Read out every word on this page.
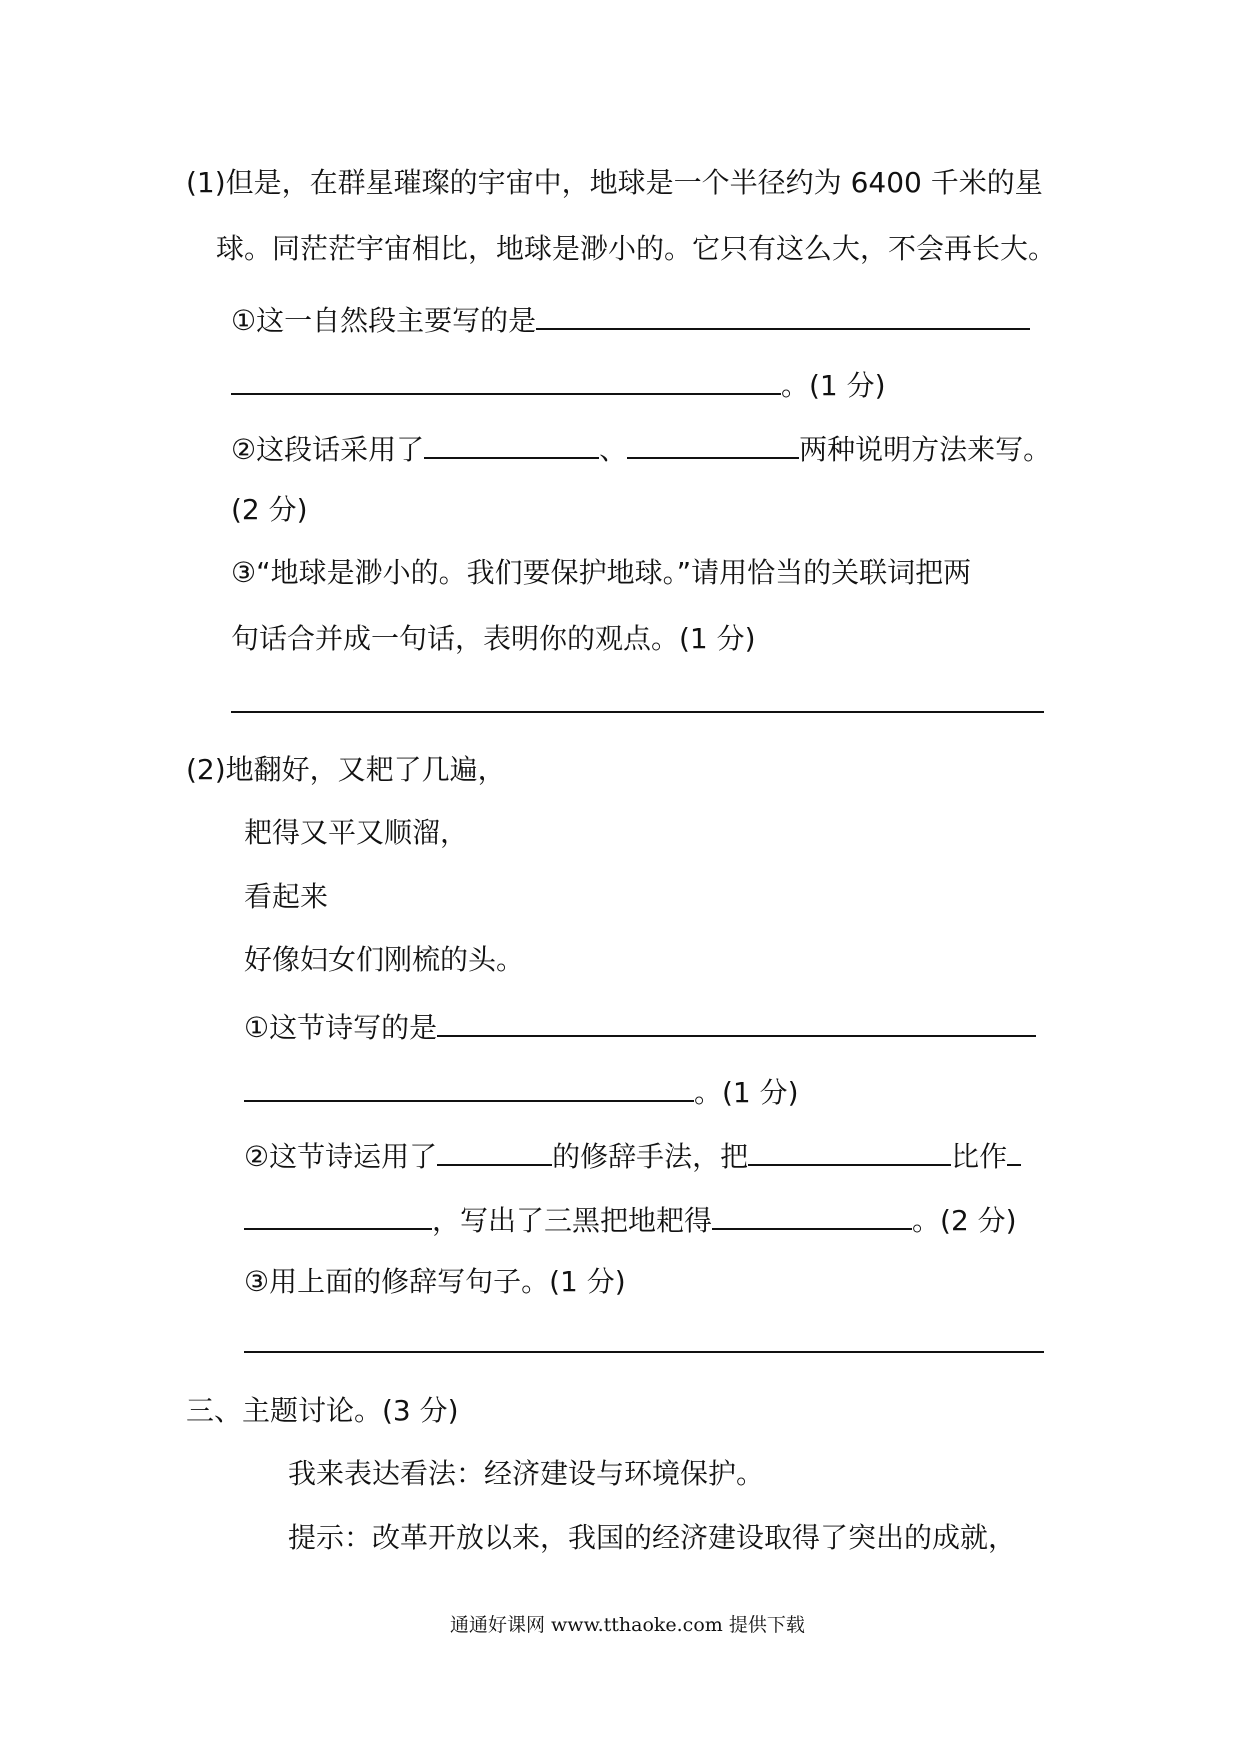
(1)但是，在群星璀璨的宇宙中，地球是一个半径约为 6400 千米的星
球。同茫茫宇宙相比，地球是渺小的。它只有这么大，不会再长大。
①这一自然段主要写的是
。(1 分)
②这段话采用了	、	两种说明方法来写。
(2 分)
③“地球是渺小的。我们要保护地球。”请用恰当的关联词把两
句话合并成一句话，表明你的观点。(1 分)
(2)地翻好，又耙了几遍，
耙得又平又顺溜，
看起来
好像妇女们刚梳的头。
①这节诗写的是
。(1 分)
②这节诗运用了	的修辞手法，把	比作
，写出了三黑把地耙得	。(2 分)
③用上面的修辞写句子。(1 分)
三、主题讨论。(3 分)
我来表达看法：经济建设与环境保护。
提示：改革开放以来，我国的经济建设取得了突出的成就，
通通好课网 www.tthaoke.com 提供下载
